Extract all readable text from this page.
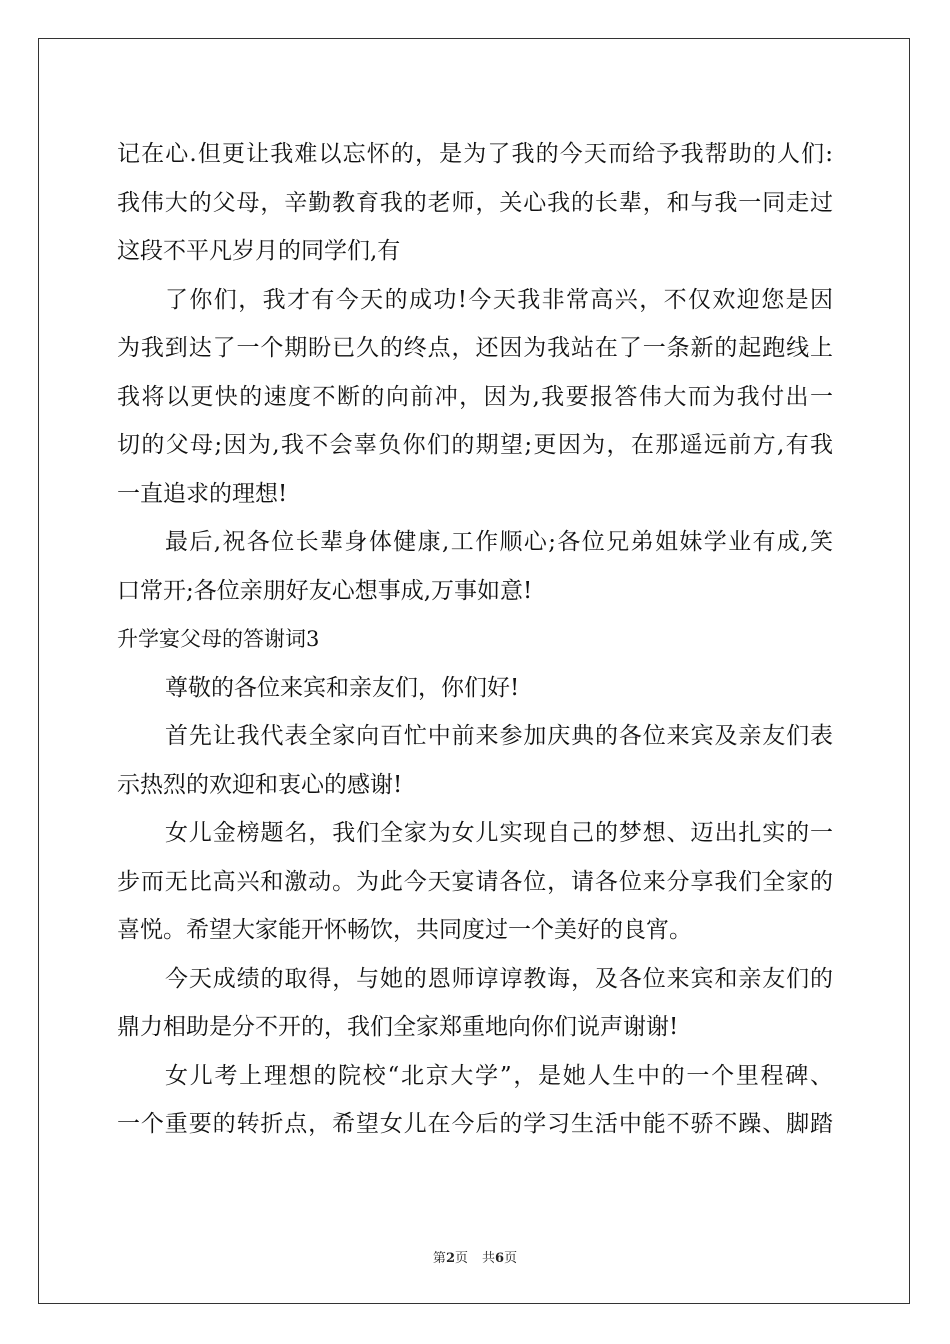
记在心.但更让我难以忘怀的，是为了我的今天而给予我帮助的人们:
我伟大的父母，辛勤教育我的老师，关心我的长辈，和与我一同走过
这段不平凡岁月的同学们,有
了你们，我才有今天的成功!今天我非常高兴，不仅欢迎您是因
为我到达了一个期盼已久的终点，还因为我站在了一条新的起跑线上
我将以更快的速度不断的向前冲，因为,我要报答伟大而为我付出一
切的父母;因为,我不会辜负你们的期望;更因为，在那遥远前方,有我
一直追求的理想!
最后,祝各位长辈身体健康,工作顺心;各位兄弟姐妹学业有成,笑
口常开;各位亲朋好友心想事成,万事如意!
升学宴父母的答谢词3
尊敬的各位来宾和亲友们，你们好!
首先让我代表全家向百忙中前来参加庆典的各位来宾及亲友们表
示热烈的欢迎和衷心的感谢!
女儿金榜题名，我们全家为女儿实现自己的梦想、迈出扎实的一
步而无比高兴和激动。为此今天宴请各位，请各位来分享我们全家的
喜悦。希望大家能开怀畅饮，共同度过一个美好的良宵。
今天成绩的取得，与她的恩师谆谆教诲，及各位来宾和亲友们的
鼎力相助是分不开的，我们全家郑重地向你们说声谢谢!
女儿考上理想的院校“北京大学”，是她人生中的一个里程碑、
一个重要的转折点，希望女儿在今后的学习生活中能不骄不躁、脚踏
第2页 共6页
